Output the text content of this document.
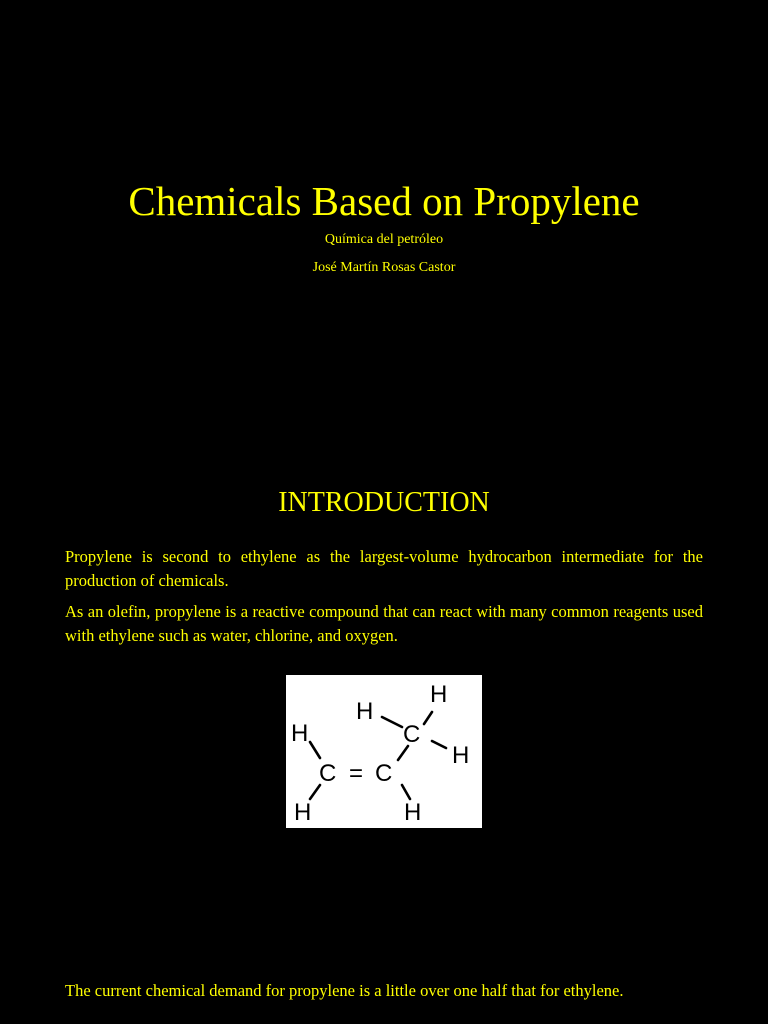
Chemicals Based on Propylene
Química del petróleo
José Martín Rosas Castor
INTRODUCTION
Propylene is second to ethylene as the largest-volume hydrocarbon intermediate for the production of chemicals.
As an olefin, propylene is a reactive compound that can react with many common reagents used with ethylene such as water, chlorine, and oxygen.
H
H
C = C
H
H
C
H
H
The current chemical demand for propylene is a little over one half that for ethylene.
